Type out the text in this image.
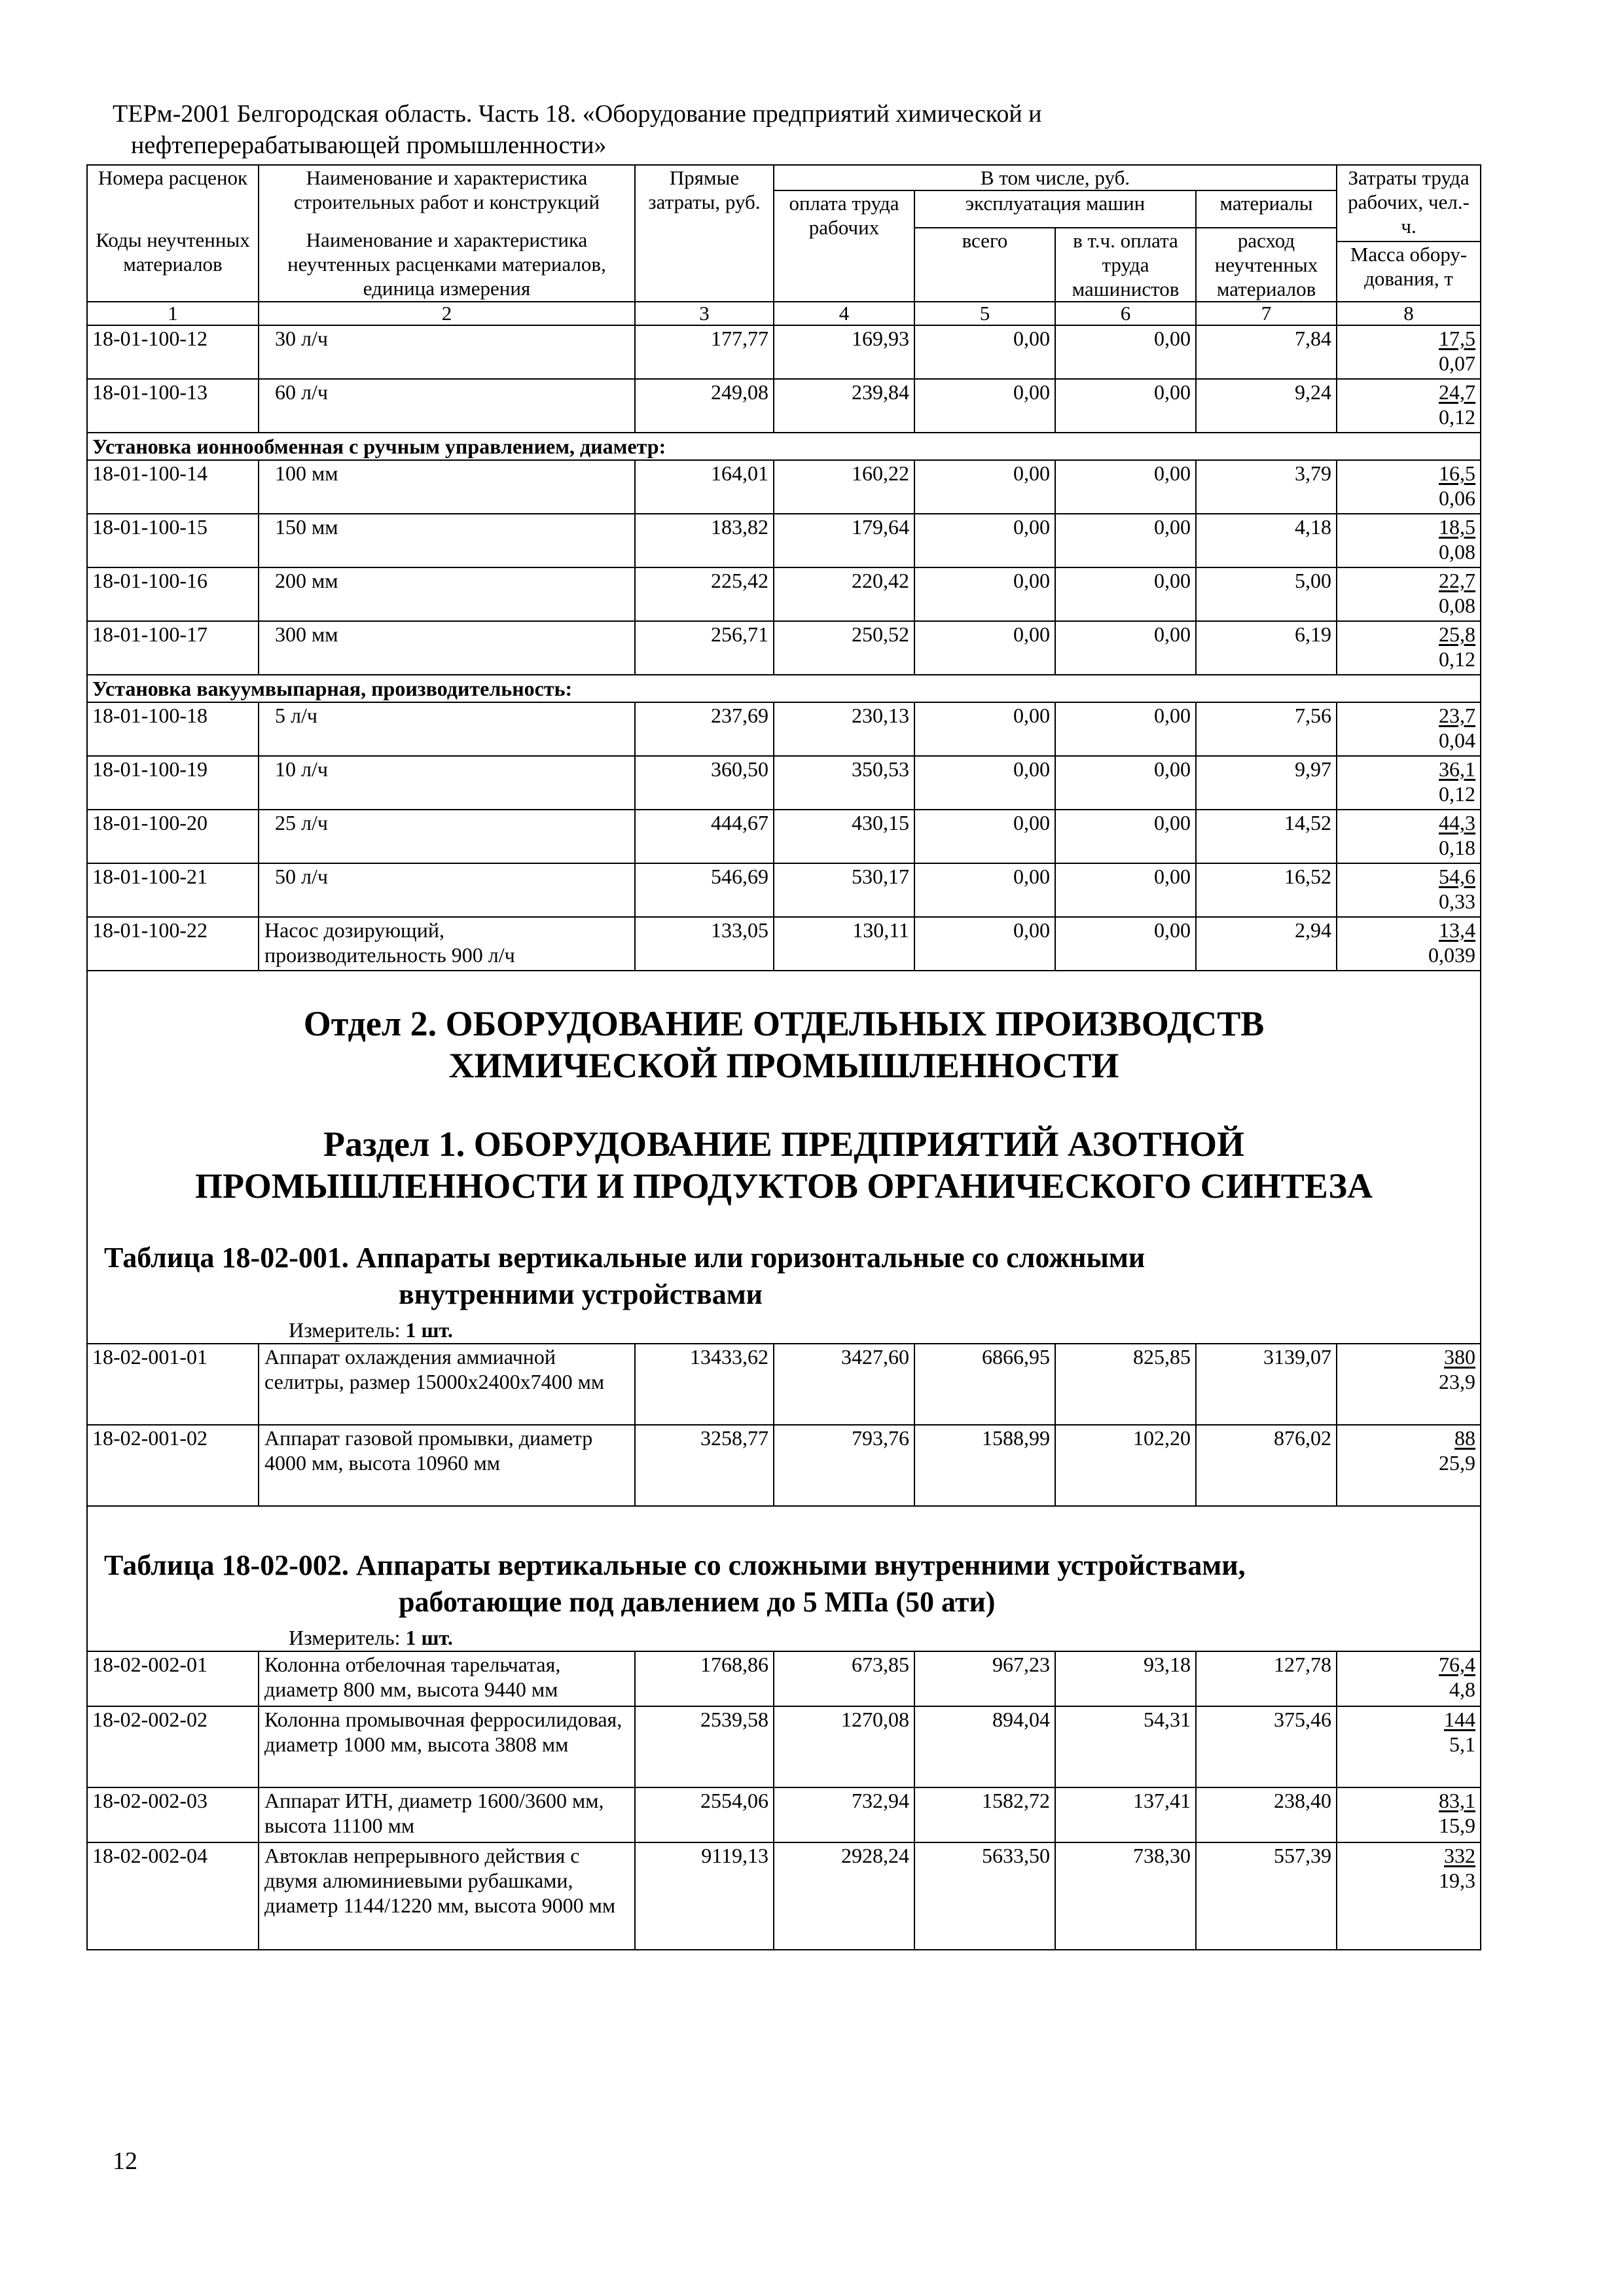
ТЕРм-2001 Белгородская область. Часть 18. «Оборудование предприятий химической и
нефтеперерабатывающей промышленности»
Номера расценок	Наименование и характеристика строительных работ и конструкций	Прямые затраты, руб.	В том числе, руб.				Затраты труда рабочих, чел.-ч.
			оплата труда рабочих	эксплуатация машин		материалы	
Коды неучтенных материалов	Наименование и характеристика неучтенных расценками материалов, единица измерения			всего	в т.ч. оплата труда машинистов	расход неучтенных материалов	

							Масса обору- дования, т
1	2	3	4	5	6	7	8
18-01-100-12	30 л/ч	177,77	169,93	0,00	0,00	7,84	17,5
0,07

18-01-100-13	60 л/ч	249,08	239,84	0,00	0,00	9,24	24,7
0,12

Установка ионнообменная с ручным управлением, диаметр:							
18-01-100-14	100 мм	164,01	160,22	0,00	0,00	3,79	16,5
0,06

18-01-100-15	150 мм	183,82	179,64	0,00	0,00	4,18	18,5
0,08

18-01-100-16	200 мм	225,42	220,42	0,00	0,00	5,00	22,7
0,08

18-01-100-17	300 мм	256,71	250,52	0,00	0,00	6,19	25,8
0,12

Установка вакуумвыпарная, производительность:							
18-01-100-18	5 л/ч	237,69	230,13	0,00	0,00	7,56	23,7
0,04

18-01-100-19	10 л/ч	360,50	350,53	0,00	0,00	9,97	36,1
0,12

18-01-100-20	25 л/ч	444,67	430,15	0,00	0,00	14,52	44,3
0,18

18-01-100-21	50 л/ч	546,69	530,17	0,00	0,00	16,52	54,6
0,33

18-01-100-22	Насос дозирующий, производительность 900 л/ч	133,05	130,11	0,00	0,00	2,94	13,4
0,039

Отдел 2. ОБОРУДОВАНИЕ ОТДЕЛЬНЫХ ПРОИЗВОДСТВ ХИМИЧЕСКОЙ ПРОМЫШЛЕННОСТИ
Раздел 1. ОБОРУДОВАНИЕ ПРЕДПРИЯТИЙ АЗОТНОЙ ПРОМЫШЛЕННОСТИ И ПРОДУКТОВ ОРГАНИЧЕСКОГО СИНТЕЗА
Таблица 18-02-001. Аппараты вертикальные или горизонтальные со сложными
внутренними устройствами
Измеритель: 1 шт.							

18-02-001-01	Аппарат охлаждения аммиачной селитры, размер 15000x2400x7400 мм	13433,62	3427,60	6866,95	825,85	3139,07	380
23,9

18-02-001-02	Аппарат газовой промывки, диаметр 4000 мм, высота 10960 мм	3258,77	793,76	1588,99	102,20	876,02	88
25,9

Таблица 18-02-002. Аппараты вертикальные со сложными внутренними устройствами,
работающие под давлением до 5 МПа (50 ати)
Измеритель: 1 шт.							

18-02-002-01	Колонна отбелочная тарельчатая, диаметр 800 мм, высота 9440 мм	1768,86	673,85	967,23	93,18	127,78	76,4
4,8

18-02-002-02	Колонна промывочная ферросилидовая, диаметр 1000 мм, высота 3808 мм	2539,58	1270,08	894,04	54,31	375,46	144
5,1

18-02-002-03	Аппарат ИТН, диаметр 1600/3600 мм, высота 11100 мм	2554,06	732,94	1582,72	137,41	238,40	83,1
15,9

18-02-002-04	Автоклав непрерывного действия с двумя алюминиевыми рубашками, диаметр 1144/1220 мм, высота 9000 мм	9119,13	2928,24	5633,50	738,30	557,39	332
19,3
12
